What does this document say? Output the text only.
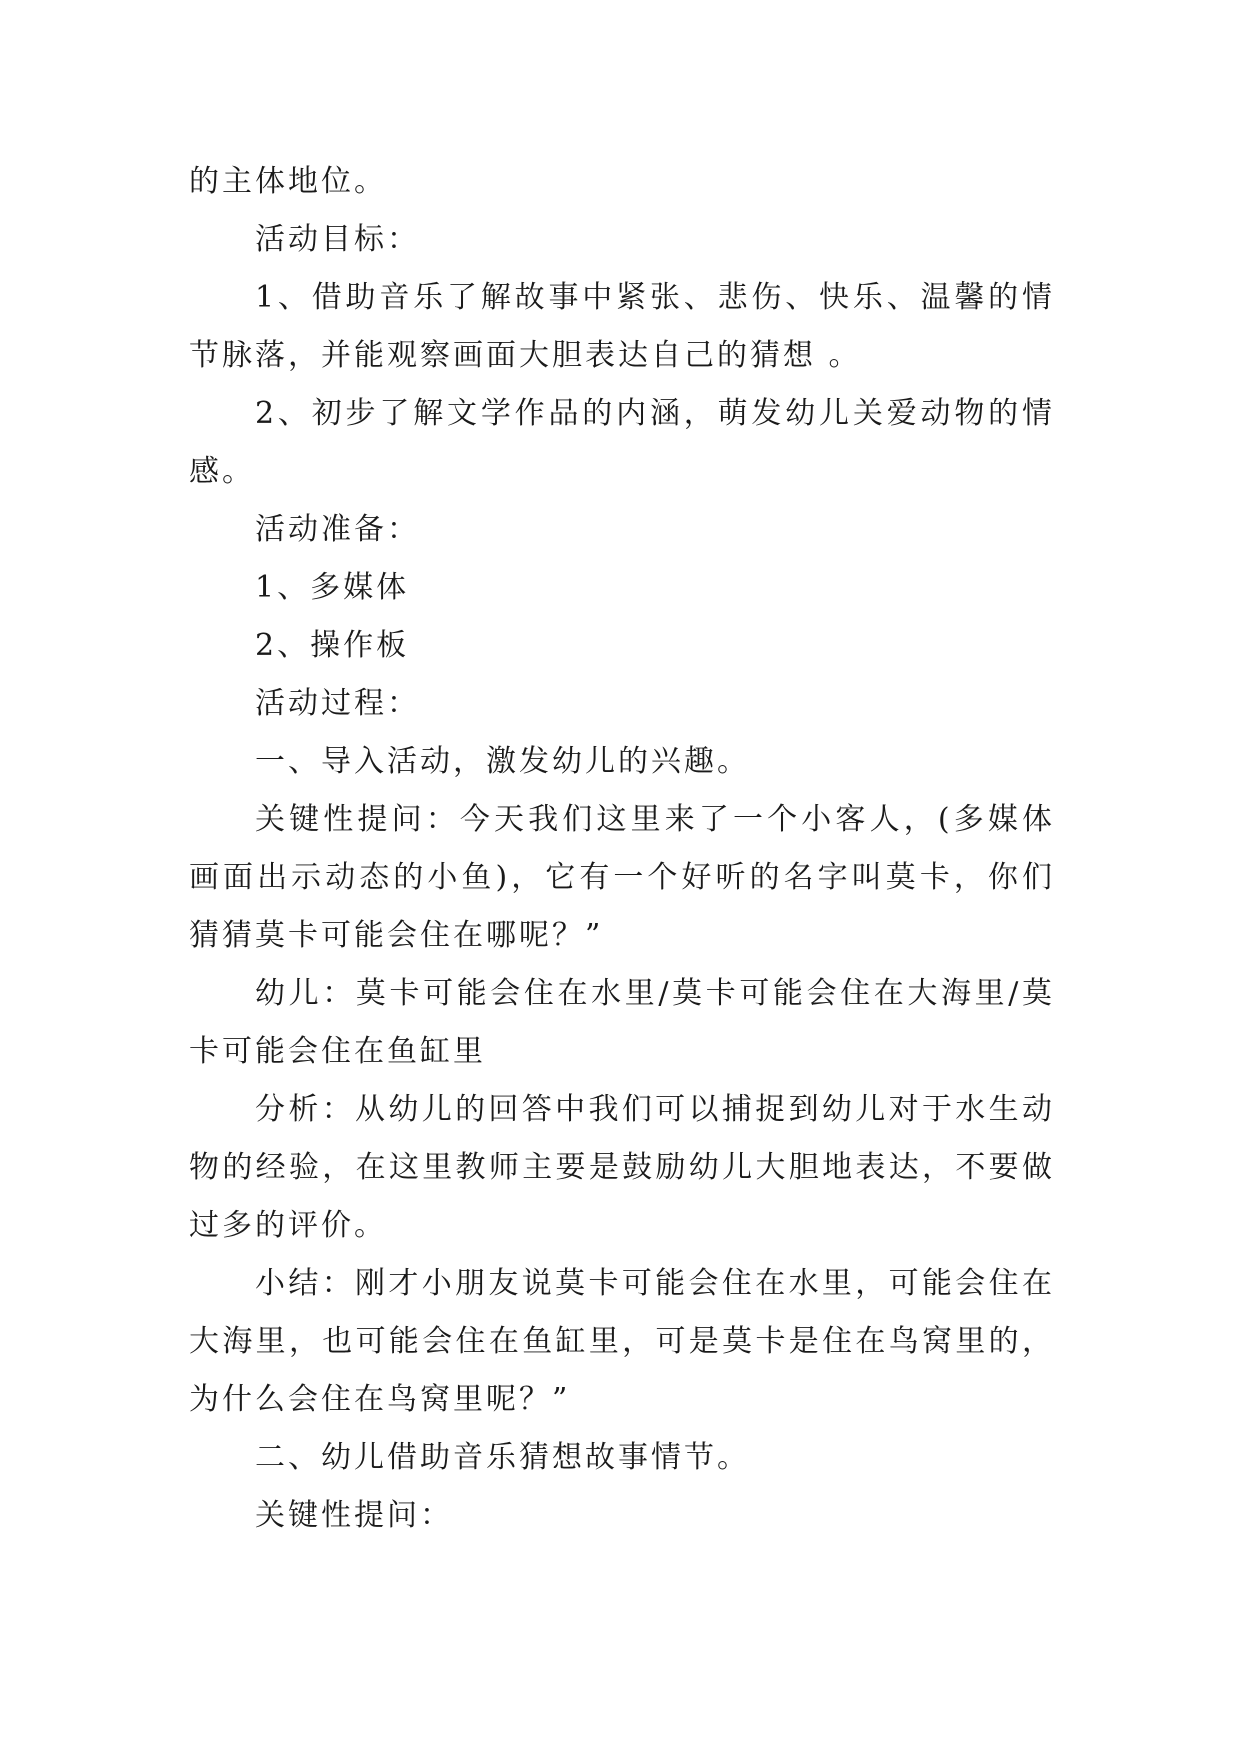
的主体地位。

活动目标：

1、借助音乐了解故事中紧张、悲伤、快乐、温馨的情节脉落，并能观察画面大胆表达自己的猜想 。

2、初步了解文学作品的内涵，萌发幼儿关爱动物的情感。

活动准备：

1、多媒体

2、操作板

活动过程：

一、导入活动，激发幼儿的兴趣。

关键性提问：今天我们这里来了一个小客人，(多媒体画面出示动态的小鱼)，它有一个好听的名字叫莫卡，你们猜猜莫卡可能会住在哪呢？”

幼儿：莫卡可能会住在水里/莫卡可能会住在大海里/莫卡可能会住在鱼缸里

分析：从幼儿的回答中我们可以捕捉到幼儿对于水生动物的经验，在这里教师主要是鼓励幼儿大胆地表达，不要做过多的评价。

小结：刚才小朋友说莫卡可能会住在水里，可能会住在大海里，也可能会住在鱼缸里，可是莫卡是住在鸟窝里的，为什么会住在鸟窝里呢？”

二、幼儿借助音乐猜想故事情节。

关键性提问：
